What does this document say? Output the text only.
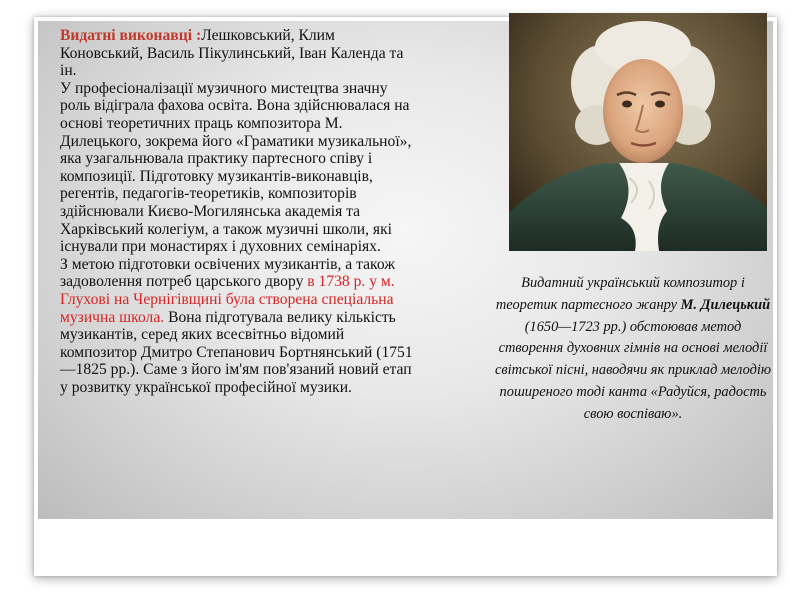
Видатні виконавці :Лешковський, Клим Коновський, Василь Пікулинський, Іван Календа та ін.

У професіоналізації музичного мистецтва значну роль відіграла фахова освіта. Вона здійснювалася на основі теоретичних праць композитора М. Дилецького, зокрема його «Граматики музикальної», яка узагальнювала практику партесного співу і композиції. Підготовку музикантів-виконавців, регентів, педагогів-теоретиків, композиторів здійснювали Києво-Могилянська академія та Харківський колегіум, а також музичні школи, які існували при монастирях і духовних семінаріях.

З метою підготовки освічених музикантів, а також задоволення потреб царського двору в 1738 р. у м. Глухові на Чернігівщині була створена спеціальна музична школа. Вона підготувала велику кількість музикантів, серед яких всесвітньо відомий композитор Дмитро Степанович Бортнянський (1751—1825 рр.). Саме з його ім'ям пов'язаний новий етап у розвитку української професійної музики.

Видатний український композитор і теоретик партесного жанру М. Дилецький (1650—1723 рр.) обстоював метод створення духовних гімнів на основі мелодії світської пісні, наводячи як приклад мелодію поширеного тоді канта «Радуйся, радость свою воспіваю».
